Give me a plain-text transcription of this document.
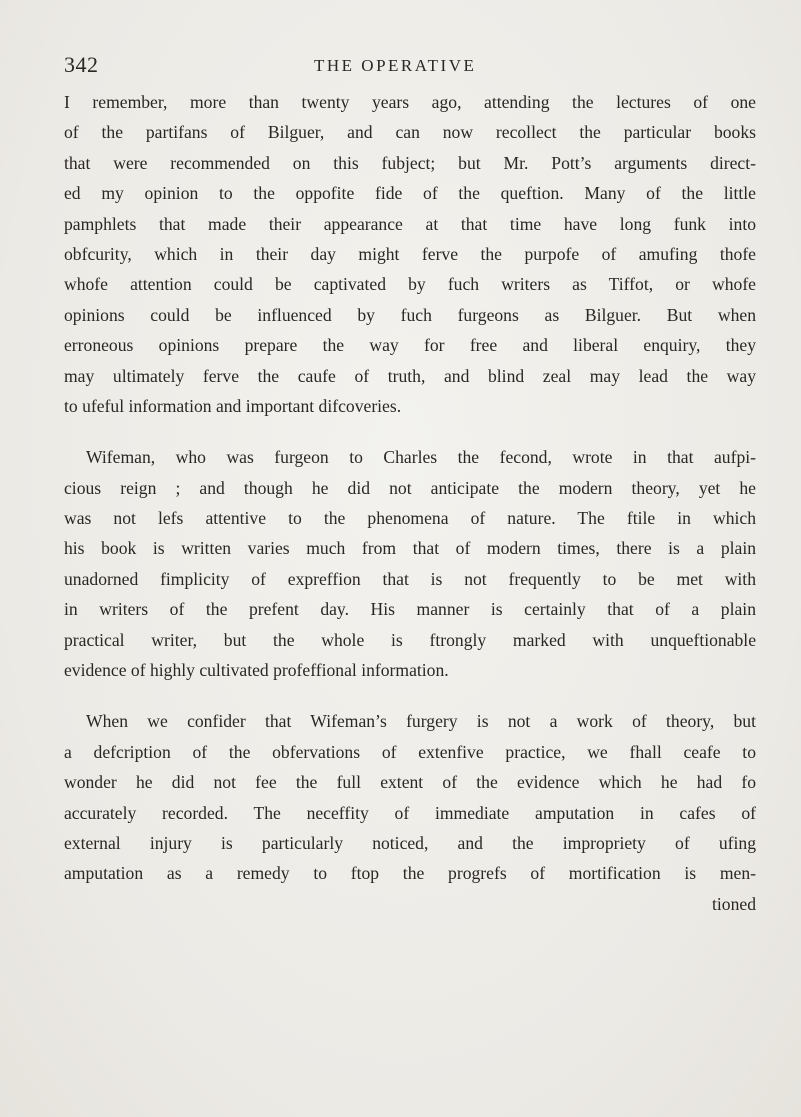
342	THE OPERATIVE
I remember, more than twenty years ago, attending the lectures of one
of the partifans of Bilguer, and can now recollect the particular books
that were recommended on this fubject; but Mr. Pott’s arguments direct-
ed my opinion to the oppofite fide of the queftion. Many of the little
pamphlets that made their appearance at that time have long funk into
obfcurity, which in their day might ferve the purpofe of amufing thofe
whofe attention could be captivated by fuch writers as Tiffot, or whofe
opinions could be influenced by fuch furgeons as Bilguer. But when
erroneous opinions prepare the way for free and liberal enquiry, they
may ultimately ferve the caufe of truth, and blind zeal may lead the way
to ufeful information and important difcoveries.
Wifeman, who was furgeon to Charles the fecond, wrote in that aufpi-
cious reign ; and though he did not anticipate the modern theory, yet he
was not lefs attentive to the phenomena of nature. The ftile in which
his book is written varies much from that of modern times, there is a plain
unadorned fimplicity of expreffion that is not frequently to be met with
in writers of the prefent day. His manner is certainly that of a plain
practical writer, but the whole is ftrongly marked with unqueftionable
evidence of highly cultivated profeffional information.
When we confider that Wifeman’s furgery is not a work of theory, but
a defcription of the obfervations of extenfive practice, we fhall ceafe to
wonder he did not fee the full extent of the evidence which he had fo
accurately recorded. The neceffity of immediate amputation in cafes of
external injury is particularly noticed, and the impropriety of ufing
amputation as a remedy to ftop the progrefs of mortification is men-
tioned
